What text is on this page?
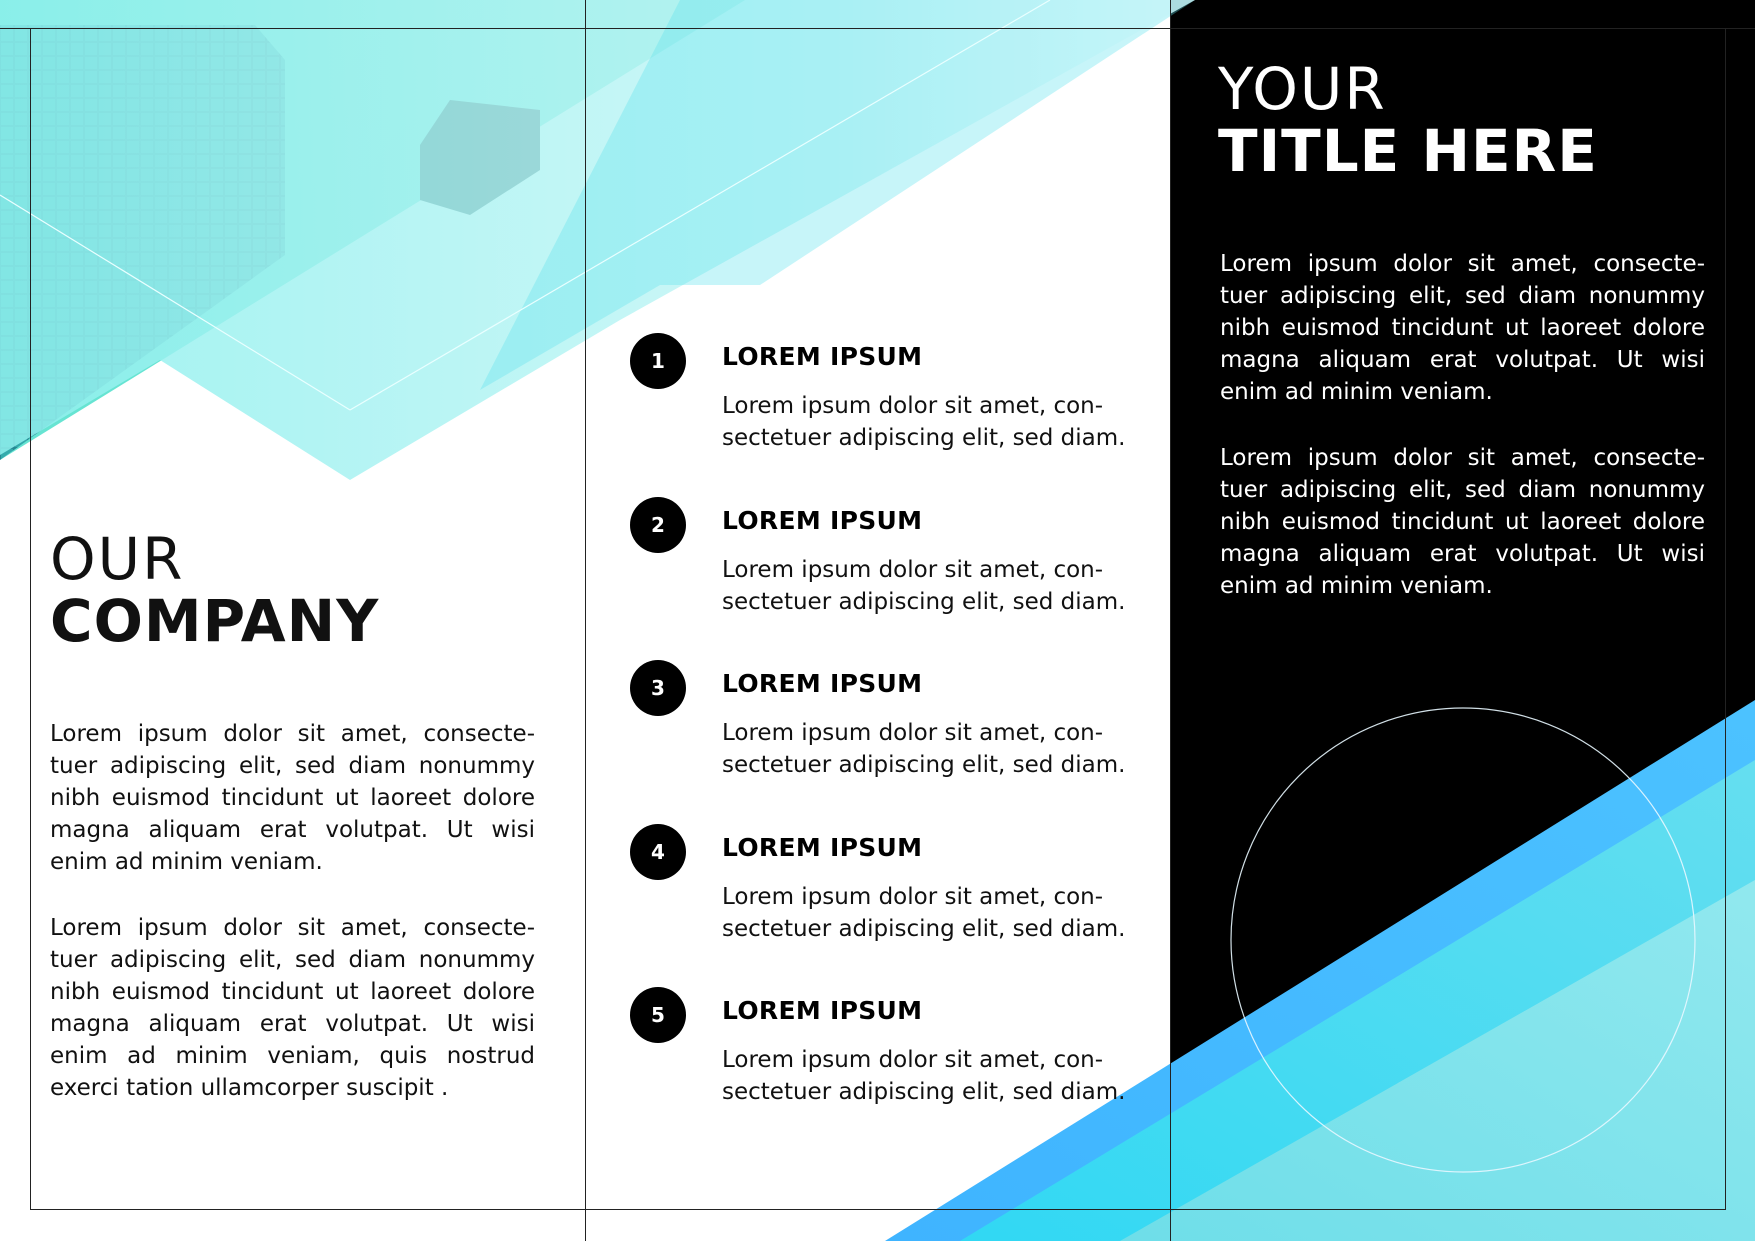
OUR
COMPANY

Lorem ipsum dolor sit amet, consecte-tuer adipiscing elit, sed diam nonummy nibh euismod tincidunt ut laoreet dolore magna aliquam erat volutpat. Ut wisi enim ad minim veniam.

Lorem ipsum dolor sit amet, consecte-tuer adipiscing elit, sed diam nonummy nibh euismod tincidunt ut laoreet dolore magna aliquam erat volutpat. Ut wisi enim ad minim veniam, quis nostrud exerci tation ullamcorper suscipit .

1	LOREM IPSUM

Lorem ipsum dolor sit amet, con-sectetuer adipiscing elit, sed diam.

2	LOREM IPSUM

Lorem ipsum dolor sit amet, con-sectetuer adipiscing elit, sed diam.

3	LOREM IPSUM

Lorem ipsum dolor sit amet, con-sectetuer adipiscing elit, sed diam.

4	LOREM IPSUM

Lorem ipsum dolor sit amet, con-sectetuer adipiscing elit, sed diam.

5	LOREM IPSUM

Lorem ipsum dolor sit amet, con-sectetuer adipiscing elit, sed diam.

YOUR
TITLE HERE

Lorem ipsum dolor sit amet, consecte-tuer adipiscing elit, sed diam nonummy nibh euismod tincidunt ut laoreet dolore magna aliquam erat volutpat. Ut wisi enim ad minim veniam.

Lorem ipsum dolor sit amet, consecte-tuer adipiscing elit, sed diam nonummy nibh euismod tincidunt ut laoreet dolore magna aliquam erat volutpat. Ut wisi enim ad minim veniam.
